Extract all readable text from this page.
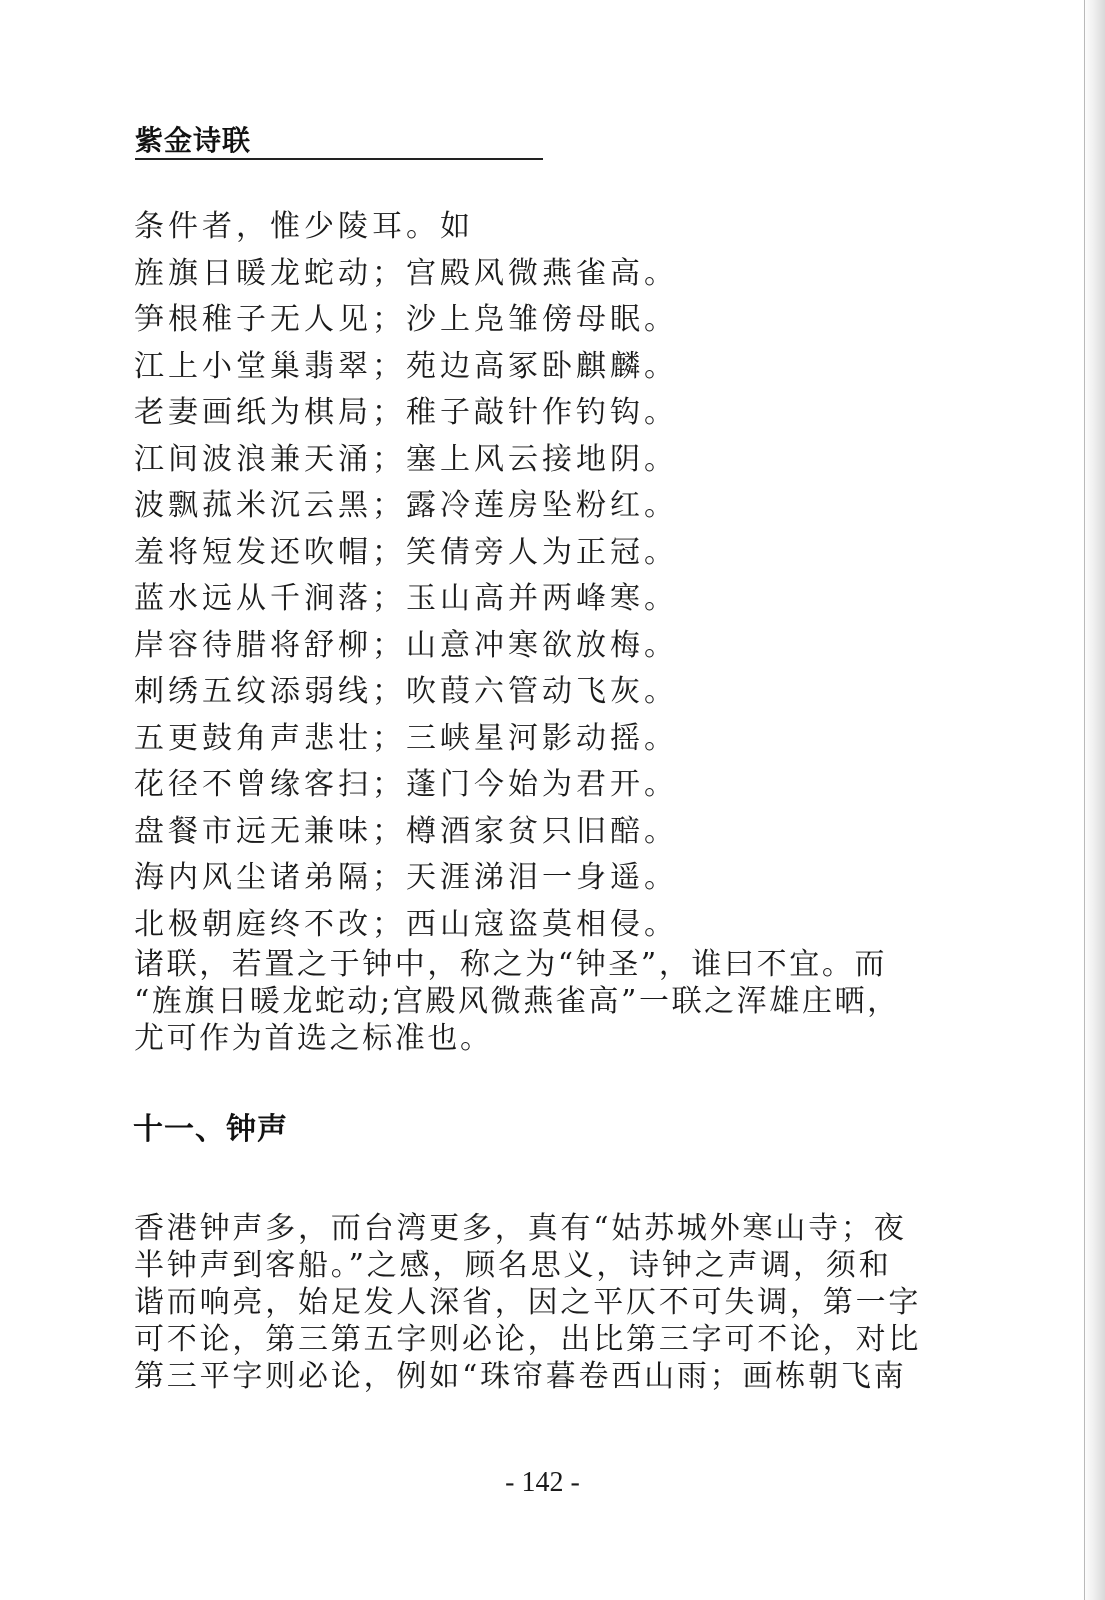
紫金诗联
条件者，惟少陵耳。如
旌旗日暖龙蛇动；宫殿风微燕雀高。
笋根稚子无人见；沙上凫雏傍母眠。
江上小堂巢翡翠；苑边高冢卧麒麟。
老妻画纸为棋局；稚子敲针作钓钩。
江间波浪兼天涌；塞上风云接地阴。
波飘菰米沉云黑；露冷莲房坠粉红。
羞将短发还吹帽；笑倩旁人为正冠。
蓝水远从千涧落；玉山高并两峰寒。
岸容待腊将舒柳；山意冲寒欲放梅。
刺绣五纹添弱线；吹葭六管动飞灰。
五更鼓角声悲壮；三峡星河影动摇。
花径不曾缘客扫；蓬门今始为君开。
盘餐市远无兼味；樽酒家贫只旧醅。
海内风尘诸弟隔；天涯涕泪一身遥。
北极朝庭终不改；西山寇盗莫相侵。
诸联，若置之于钟中，称之为“钟圣”，谁曰不宜。而
“旌旗日暖龙蛇动;宫殿风微燕雀高”一联之浑雄庄晒，
尤可作为首选之标准也。
十一、钟声
香港钟声多，而台湾更多，真有“姑苏城外寒山寺；夜
半钟声到客船。”之感，顾名思义，诗钟之声调，须和
谐而响亮，始足发人深省，因之平仄不可失调，第一字
可不论，第三第五字则必论，出比第三字可不论，对比
第三平字则必论，例如“珠帘暮卷西山雨；画栋朝飞南
- 142 -
